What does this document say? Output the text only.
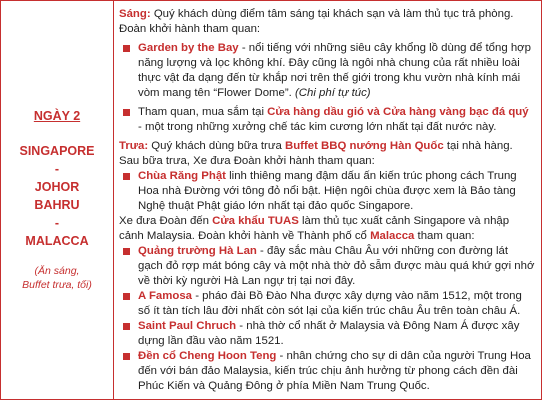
NGÀY 2
SINGAPORE
-
JOHOR
BAHRU
-
MALACCA
(Ăn sáng,
Buffet trưa, tối)

Sáng: Quý khách dùng điểm tâm sáng tại khách sạn và làm thủ tục trả phòng. Đoàn khởi hành tham quan:

Garden by the Bay - nổi tiếng với những siêu cây khổng lồ dùng để tổng hợp năng lượng và lọc không khí. Đây cũng là ngôi nhà chung của rất nhiều loài thực vật đa dạng đến từ khắp nơi trên thế giới trong khu vườn nhà kính mái vòm mang tên “Flower Dome”. (Chi phí tự túc)
Tham quan, mua sắm tại Cửa hàng dầu gió và Cửa hàng vàng bạc đá quý - một trong những xưởng chế tác kim cương lớn nhất tại đất nước này.

Trưa: Quý khách dùng bữa trưa Buffet BBQ nướng Hàn Quốc tại nhà hàng. Sau bữa trưa, Xe đưa Đoàn khởi hành tham quan:

Chùa Răng Phật linh thiêng mang đậm dấu ấn kiến trúc phong cách Trung Hoa nhà Đường với tông đỏ nổi bật. Hiện ngôi chùa được xem là Bảo tàng Nghệ thuật Phật giáo lớn nhất tại đảo quốc Singapore.

Xe đưa Đoàn đến Cửa khẩu TUAS làm thủ tục xuất cảnh Singapore và nhập cảnh Malaysia. Đoàn khởi hành về Thành phố cổ Malacca tham quan:

Quảng trường Hà Lan - đây sắc màu Châu Âu với những con đường lát gạch đỏ rợp mát bóng cây và một nhà thờ đỏ sẫm được màu quá khứ gợi nhớ về thời kỳ người Hà Lan ngự trị tại nơi đây.
A Famosa - pháo đài Bồ Đào Nha được xây dựng vào năm 1512, một trong số ít tàn tích lâu đời nhất còn sót lại của kiến trúc châu Âu trên toàn châu Á.
Saint Paul Chruch - nhà thờ cổ nhất ở Malaysia và Đông Nam Á được xây dựng lần đầu vào năm 1521.
Đền cổ Cheng Hoon Teng - nhân chứng cho sự di dân của người Trung Hoa đến với bán đảo Malaysia, kiến trúc chịu ảnh hưởng từ phong cách đền đài Phúc Kiến và Quảng Đông ở phía Miền Nam Trung Quốc.
